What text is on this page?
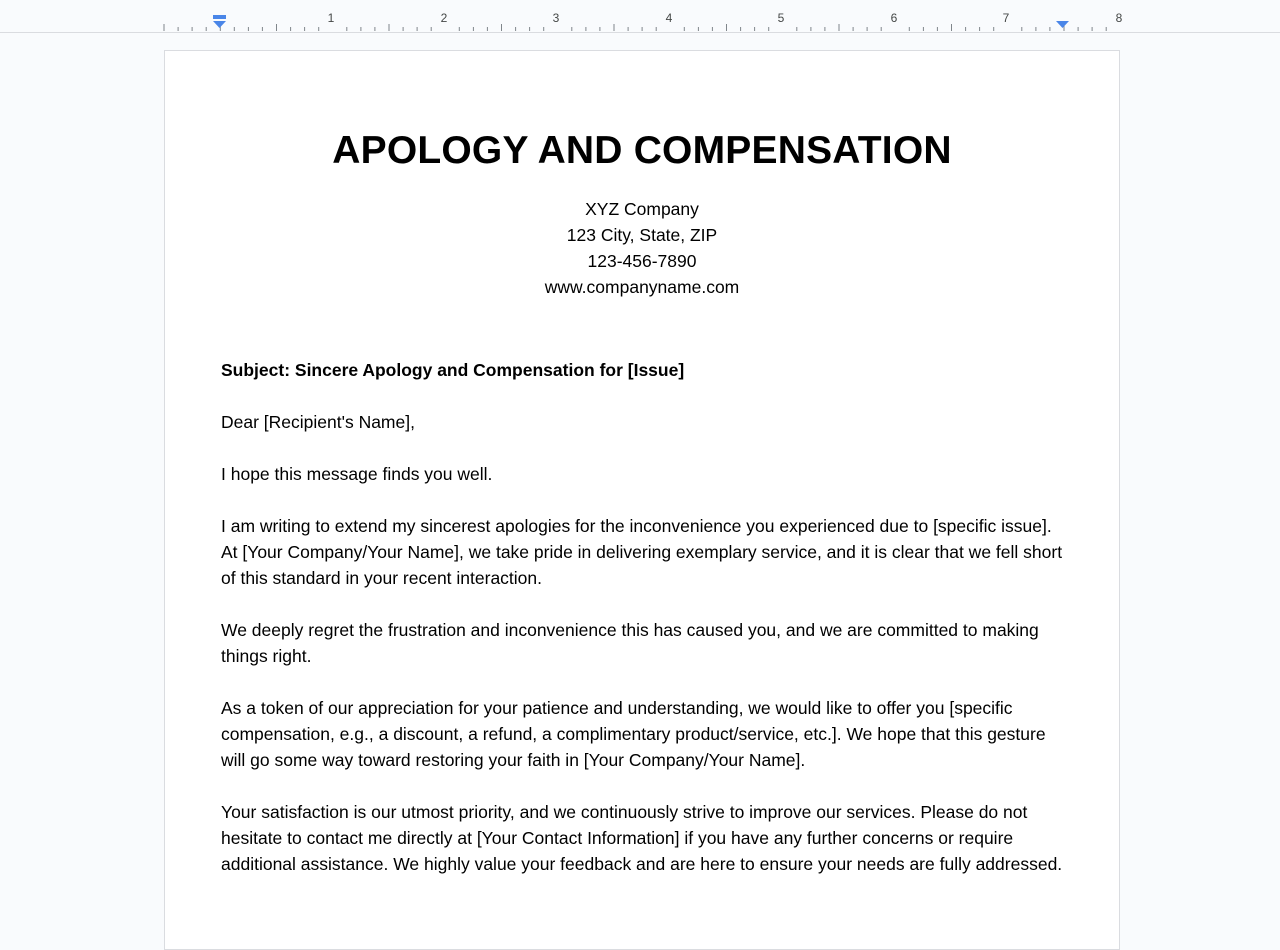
1	2	3	4	5	6	7	8
APOLOGY AND COMPENSATION
XYZ Company
123 City, State, ZIP
123-456-7890
www.companyname.com

Subject: Sincere Apology and Compensation for [Issue]

Dear [Recipient's Name],

I hope this message finds you well.

I am writing to extend my sincerest apologies for the inconvenience you experienced due to [specific issue]. At [Your Company/Your Name], we take pride in delivering exemplary service, and it is clear that we fell short of this standard in your recent interaction.

We deeply regret the frustration and inconvenience this has caused you, and we are committed to making things right.

As a token of our appreciation for your patience and understanding, we would like to offer you [specific compensation, e.g., a discount, a refund, a complimentary product/service, etc.]. We hope that this gesture will go some way toward restoring your faith in [Your Company/Your Name].

Your satisfaction is our utmost priority, and we continuously strive to improve our services. Please do not hesitate to contact me directly at [Your Contact Information] if you have any further concerns or require additional assistance. We highly value your feedback and are here to ensure your needs are fully addressed.
